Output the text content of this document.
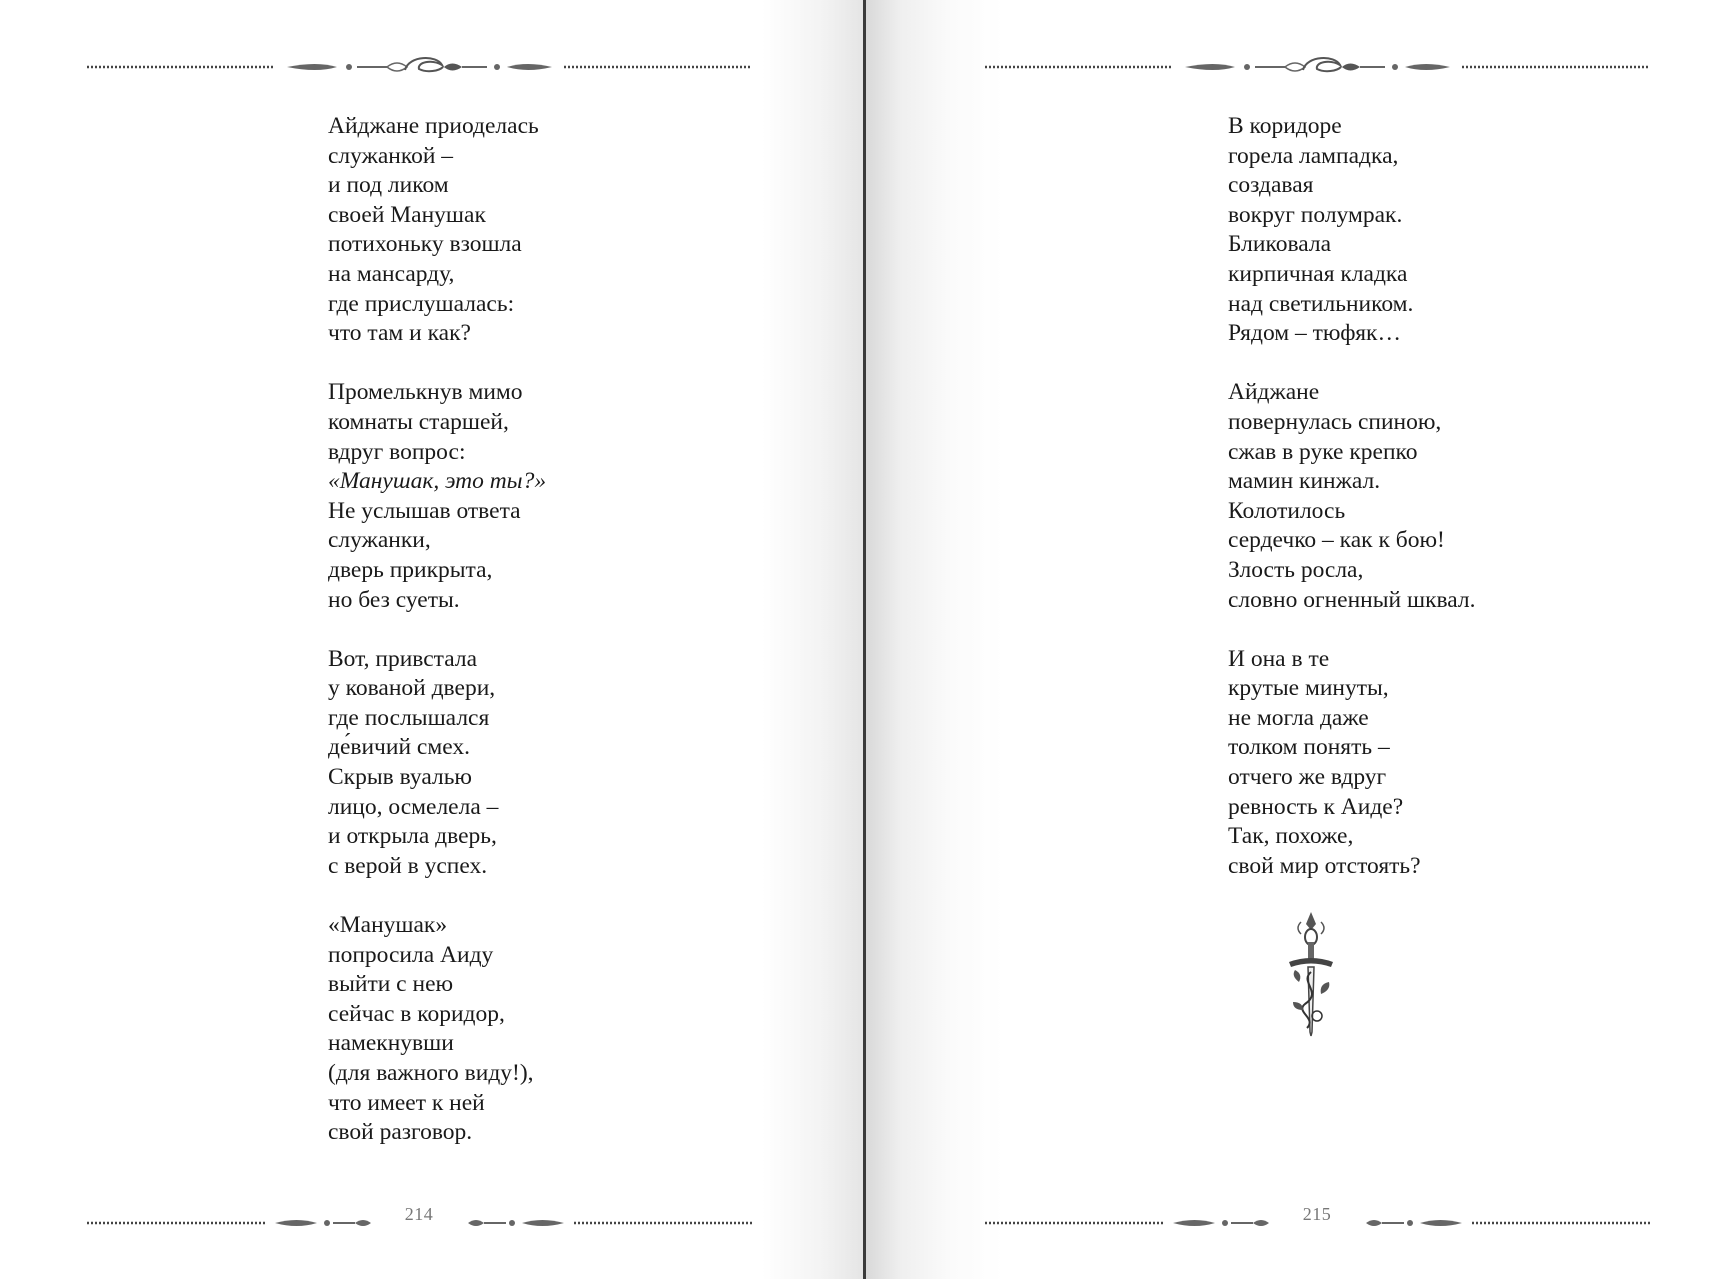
Айджане приоделась
служанкой –
и под ликом
своей Манушак
потихоньку взошла
на мансарду,
где прислушалась:
что там и как?
Промелькнув мимо
комнаты старшей,
вдруг вопрос:
«Манушак, это ты?»
Не услышав ответа
служанки,
дверь прикрыта,
но без суеты.
Вот, привстала
у кованой двери,
где послышался
де́вичий смех.
Скрыв вуалью
лицо, осмелела –
и открыла дверь,
с верой в успех.
«Манушак»
попросила Аиду
выйти с нею
сейчас в коридор,
намекнувши
(для важного виду!),
что имеет к ней
свой разговор.
В коридоре
горела лампадка,
создавая
вокруг полумрак.
Бликовала
кирпичная кладка
над светильником.
Рядом – тюфяк…
Айджане
повернулась спиною,
сжав в руке крепко
мамин кинжал.
Колотилось
сердечко – как к бою!
Злость росла,
словно огненный шквал.
И она в те
крутые минуты,
не могла даже
толком понять –
отчего же вдруг
ревность к Аиде?
Так, похоже,
свой мир отстоять?
214	215
